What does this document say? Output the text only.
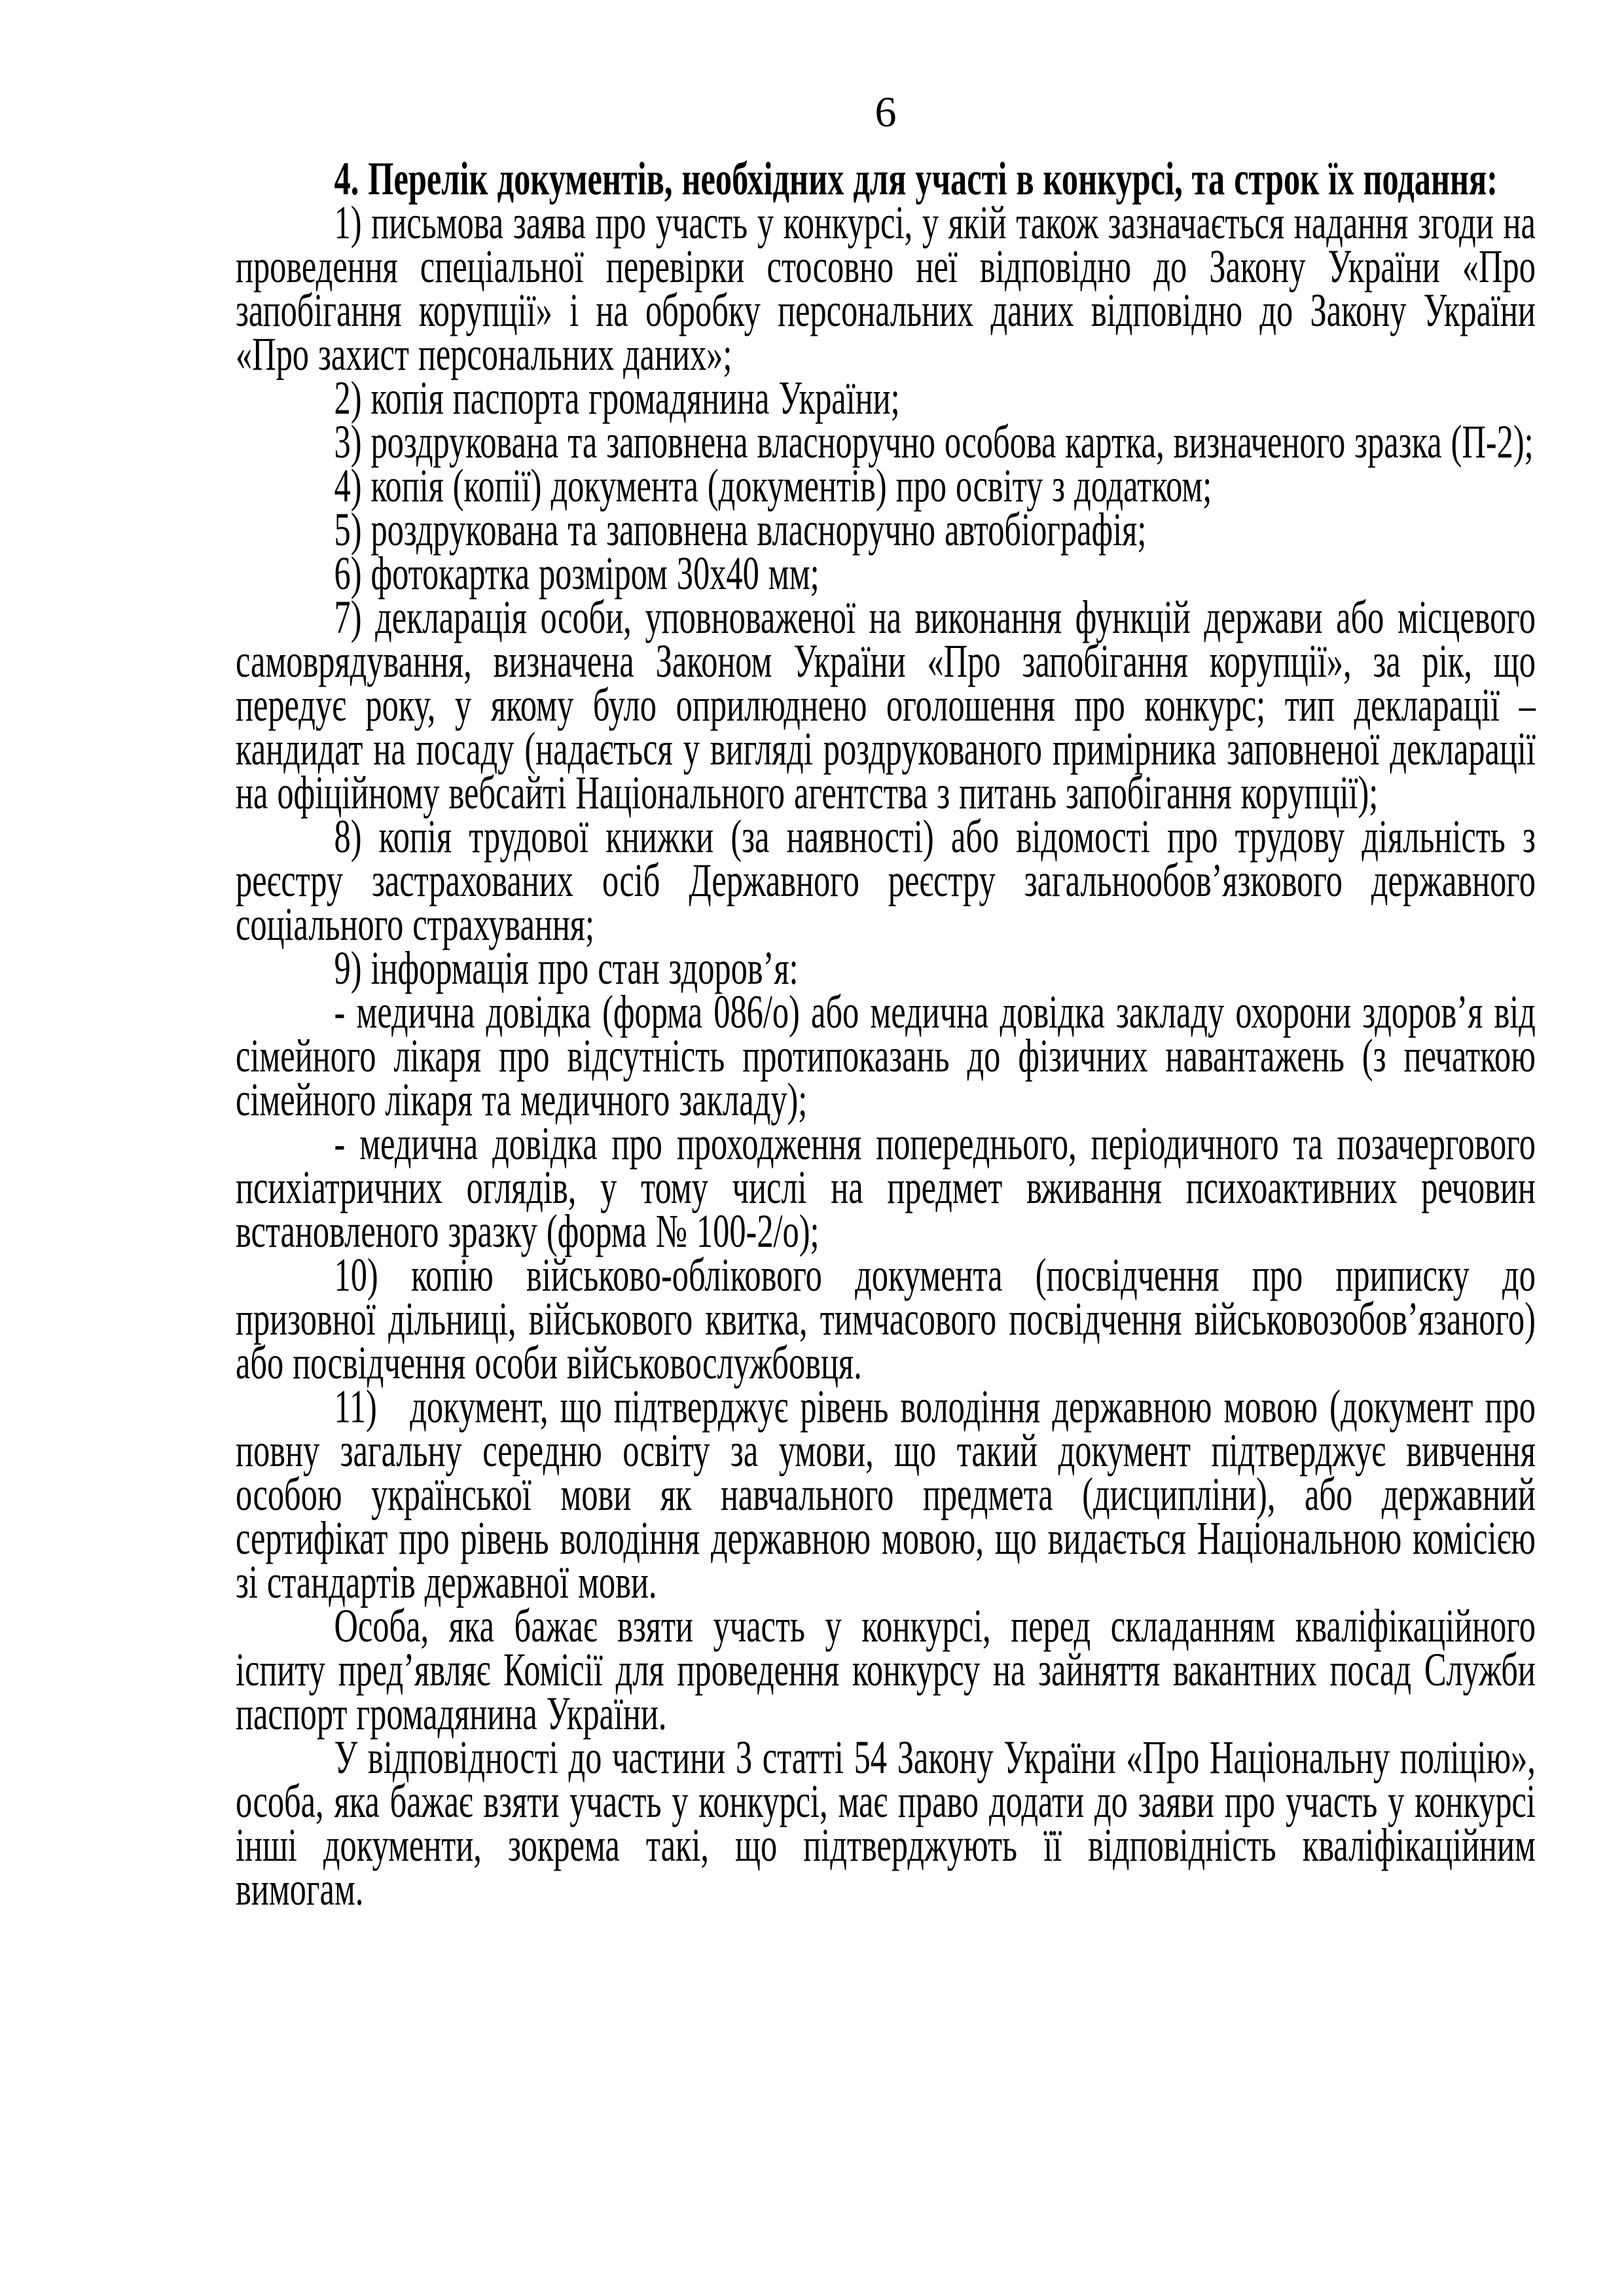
6

4. Перелік документів, необхідних для участі в конкурсі, та строк їх подання:

1) письмова заява про участь у конкурсі, у якій також зазначається надання згоди на проведення спеціальної перевірки стосовно неї відповідно до Закону України «Про запобігання корупції» і на обробку персональних даних відповідно до Закону України «Про захист персональних даних»;

2) копія паспорта громадянина України;

3) роздрукована та заповнена власноручно особова картка, визначеного зразка (П-2);

4) копія (копії) документа (документів) про освіту з додатком;

5) роздрукована та заповнена власноручно автобіографія;

6) фотокартка розміром 30х40 мм;

7) декларація особи, уповноваженої на виконання функцій держави або місцевого самоврядування, визначена Законом України «Про запобігання корупції», за рік, що передує року, у якому було оприлюднено оголошення про конкурс; тип декларації – кандидат на посаду (надається у вигляді роздрукованого примірника заповненої декларації на офіційному вебсайті Національного агентства з питань запобігання корупції);

8) копія трудової книжки (за наявності) або відомості про трудову діяльність з реєстру застрахованих осіб Державного реєстру загальнообов’язкового державного соціального страхування;

9) інформація про стан здоров’я:

- медична довідка (форма 086/о) або медична довідка закладу охорони здоров’я від сімейного лікаря про відсутність протипоказань до фізичних навантажень (з печаткою сімейного лікаря та медичного закладу);

- медична довідка про проходження попереднього, періодичного та позачергового психіатричних оглядів, у тому числі на предмет вживання психоактивних речовин встановленого зразку (форма № 100-2/о);

10) копію військово-облікового документа (посвідчення про приписку до призовної дільниці, військового квитка, тимчасового посвідчення військовозобов’язаного) або посвідчення особи військовослужбовця.

11) документ, що підтверджує рівень володіння державною мовою (документ про повну загальну середню освіту за умови, що такий документ підтверджує вивчення особою української мови як навчального предмета (дисципліни), або державний сертифікат про рівень володіння державною мовою, що видається Національною комісією зі стандартів державної мови.

Особа, яка бажає взяти участь у конкурсі, перед складанням кваліфікаційного іспиту пред’являє Комісії для проведення конкурсу на зайняття вакантних посад Служби паспорт громадянина України.

У відповідності до частини 3 статті 54 Закону України «Про Національну поліцію», особа, яка бажає взяти участь у конкурсі, має право додати до заяви про участь у конкурсі інші документи, зокрема такі, що підтверджують її відповідність кваліфікаційним вимогам.
